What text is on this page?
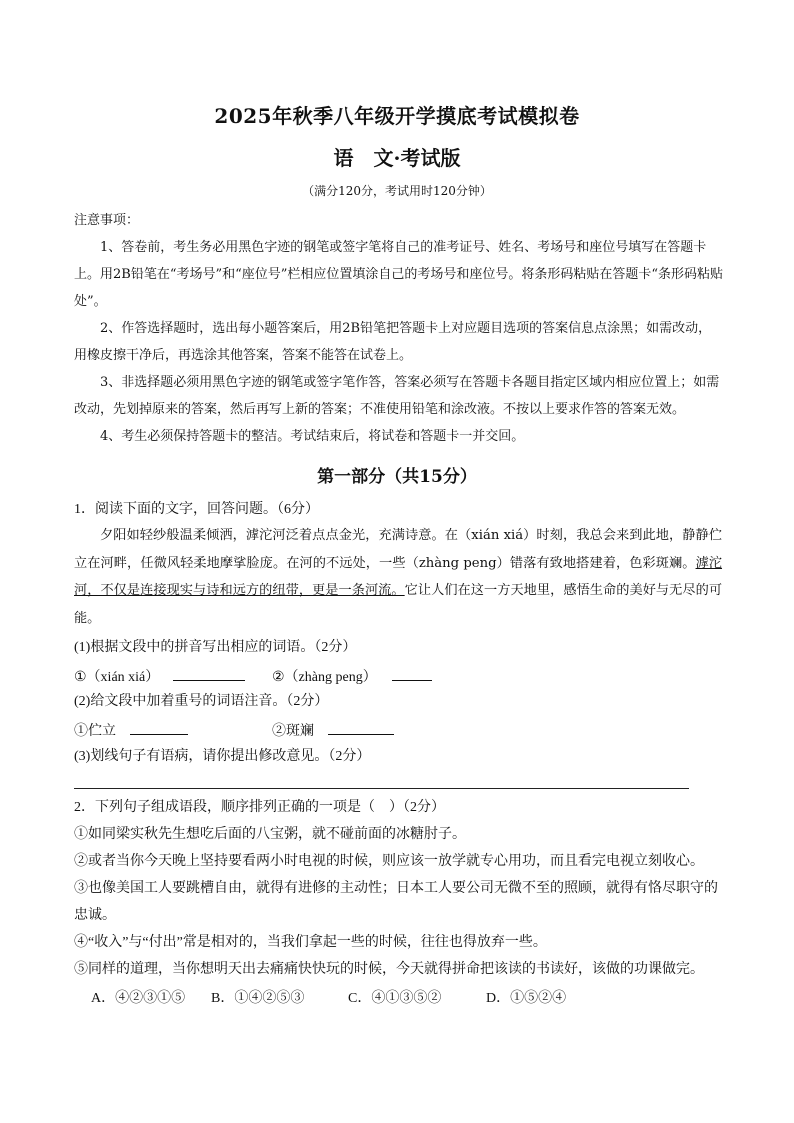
2025年秋季八年级开学摸底考试模拟卷
语　文·考试版
（满分120分，考试用时120分钟）

注意事项：

1、答卷前，考生务必用黑色字迹的钢笔或签字笔将自己的准考证号、姓名、考场号和座位号填写在答题卡上。用2B铅笔在“考场号”和“座位号”栏相应位置填涂自己的考场号和座位号。将条形码粘贴在答题卡“条形码粘贴处”。

2、作答选择题时，选出每小题答案后，用2B铅笔把答题卡上对应题目选项的答案信息点涂黑；如需改动，用橡皮擦干净后，再选涂其他答案，答案不能答在试卷上。

3、非选择题必须用黑色字迹的钢笔或签字笔作答，答案必须写在答题卡各题目指定区域内相应位置上；如需改动，先划掉原来的答案，然后再写上新的答案；不准使用铅笔和涂改液。不按以上要求作答的答案无效。

4、考生必须保持答题卡的整洁。考试结束后，将试卷和答题卡一并交回。

第一部分（共15分）
1．阅读下面的文字，回答问题。（6分）
夕阳如轻纱般温柔倾洒，滹沱河泛着点点金光，充满诗意。在（xián xiá）时刻，我总会来到此地，静静伫立在河畔，任微风轻柔地摩挲脸庞。在河的不远处，一些（zhàng peng）错落有致地搭建着，色彩斑斓。滹沱河，不仅是连接现实与诗和远方的纽带，更是一条河流。它让人们在这一方天地里，感悟生命的美好与无尽的可能。
(1)根据文段中的拼音写出相应的词语。（2分）
①（xián xiá）	②（zhàng peng）
(2)给文段中加着重号的词语注音。（2分）
①伫立	②斑斓
(3)划线句子有语病，请你提出修改意见。（2分）
2．下列句子组成语段，顺序排列正确的一项是（　）（2分）
①如同梁实秋先生想吃后面的八宝粥，就不碰前面的冰糖肘子。
②或者当你今天晚上坚持要看两小时电视的时候，则应该一放学就专心用功，而且看完电视立刻收心。
③也像美国工人要跳槽自由，就得有进修的主动性；日本工人要公司无微不至的照顾，就得有恪尽职守的
忠诚。
④“收入”与“付出”常是相对的，当我们拿起一些的时候，往往也得放弃一些。
⑤同样的道理，当你想明天出去痛痛快快玩的时候，今天就得拼命把该读的书读好，该做的功课做完。
A．④②③①⑤ B．①④②⑤③	C．④①③⑤②	D．①⑤②④
